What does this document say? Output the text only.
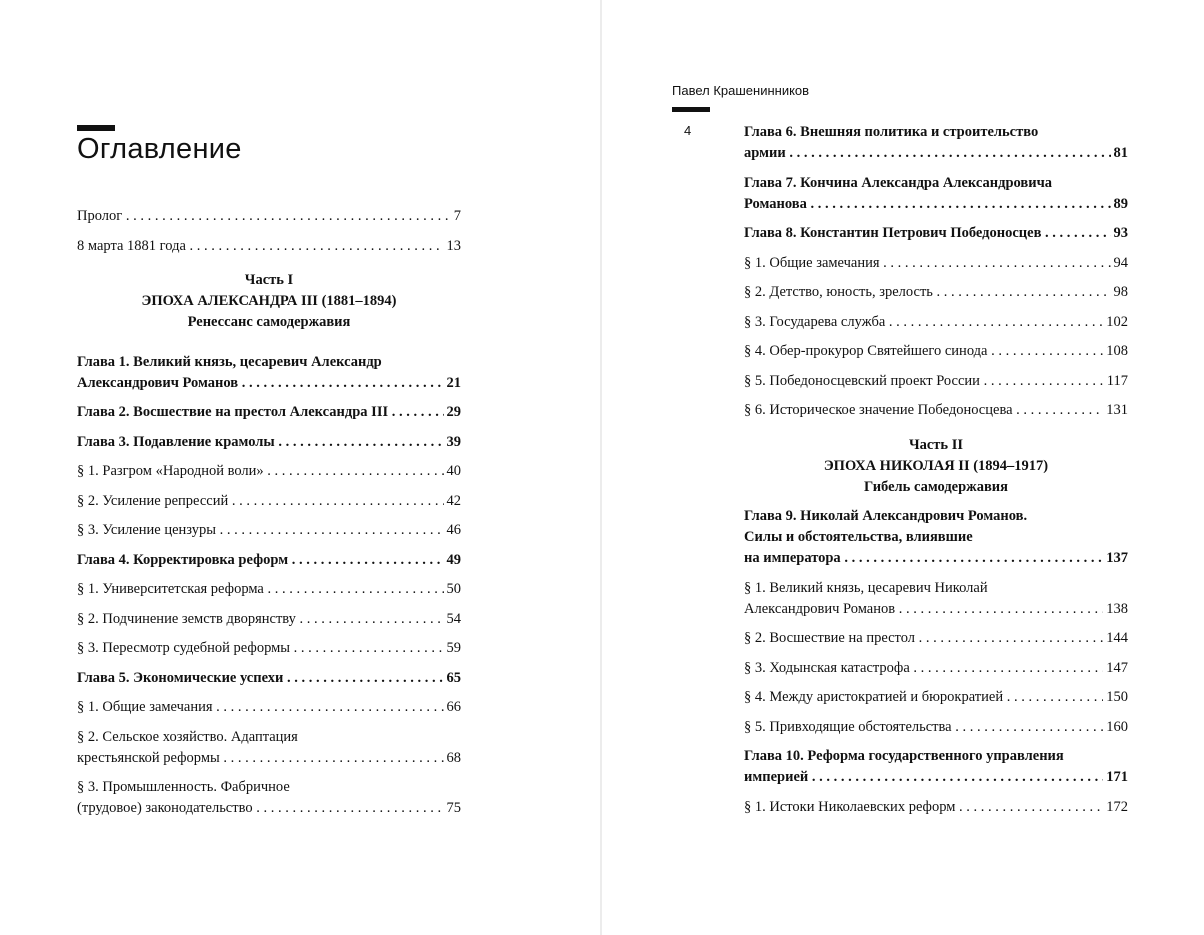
Оглавление
Пролог . . .	7
8 марта 1881 года . . .	13
Часть I
ЭПОХА АЛЕКСАНДРА III (1881–1894)
Ренессанс самодержавия
Глава 1. Великий князь, цесаревич Александр
Александрович Романов . . .	21
Глава 2. Восшествие на престол Александра III . . .	29
Глава 3. Подавление крамолы . . .	39
§ 1. Разгром «Народной воли» . . .	40
§ 2. Усиление репрессий . . .	42
§ 3. Усиление цензуры . . .	46
Глава 4. Корректировка реформ . . .	49
§ 1. Университетская реформа . . .	50
§ 2. Подчинение земств дворянству . . .	54
§ 3. Пересмотр судебной реформы . . .	59
Глава 5. Экономические успехи . . .	65
§ 1. Общие замечания . . .	66
§ 2. Сельское хозяйство. Адаптация
крестьянской реформы . . .	68
§ 3. Промышленность. Фабричное
(трудовое) законодательство . . .	75
Павел Крашенинников
4	Глава 6. Внешняя политика и строительство
армии . . .	81
Глава 7. Кончина Александра Александровича
Романова . . .	89
Глава 8. Константин Петрович Победоносцев . . .	93
§ 1. Общие замечания . . .	94
§ 2. Детство, юность, зрелость . . .	98
§ 3. Государева служба . . .	102
§ 4. Обер-прокурор Святейшего синода . . .	108
§ 5. Победоносцевский проект России . . .	117
§ 6. Историческое значение Победоносцева . . .	131
Часть II
ЭПОХА НИКОЛАЯ II (1894–1917)
Гибель самодержавия
Глава 9. Николай Александрович Романов.
Силы и обстоятельства, влиявшие
на императора . . .	137
§ 1. Великий князь, цесаревич Николай
Александрович Романов . . .	138
§ 2. Восшествие на престол . . .	144
§ 3. Ходынская катастрофа . . .	147
§ 4. Между аристократией и бюрократией . . .	150
§ 5. Привходящие обстоятельства . . .	160
Глава 10. Реформа государственного управления
империей . . .	171
§ 1. Истоки Николаевских реформ . . .	172
